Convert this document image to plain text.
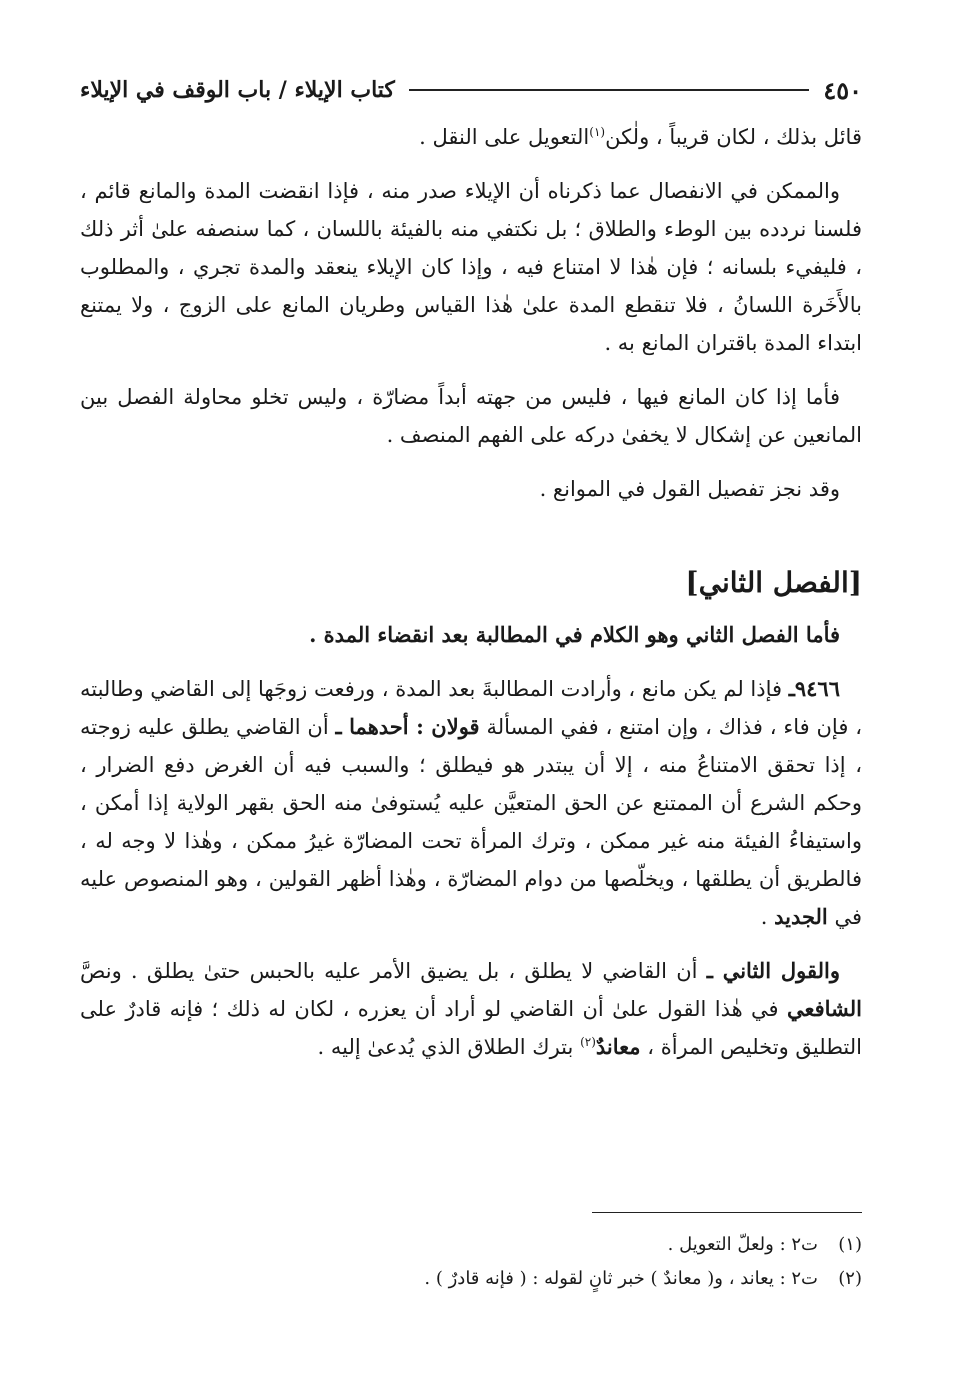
٤٥٠
كتاب الإيلاء / باب الوقف في الإيلاء

قائل بذلك ، لكان قريباً ، ولٰكن$^{(١)}$التعويل على النقل .

والممكن في الانفصال عما ذكرناه أن الإيلاء صدر منه ، فإذا انقضت المدة والمانع قائم ، فلسنا نردده بين الوطء والطلاق ؛ بل نكتفي منه بالفيئة باللسان ، كما سنصفه علىٰ أثر ذلك ، فليفيء بلسانه ؛ فإن هٰذا لا امتناع فيه ، وإذا كان الإيلاء ينعقد والمدة تجري ، والمطلوب بالأَخَرة اللسانُ ، فلا تنقطع المدة علىٰ هٰذا القياس وطريان المانع على الزوج ، ولا يمتنع ابتداء المدة باقتران المانع به .

فأما إذا كان المانع فيها ، فليس من جهته أبداً مضارّة ، وليس تخلو محاولة الفصل بين المانعين عن إشكال لا يخفىٰ دركه على الفهم المنصف .

وقد نجز تفصيل القول في الموانع .

[الفصل الثاني]

فأما الفصل الثاني وهو الكلام في المطالبة بعد انقضاء المدة .

٩٤٦٦ـ فإذا لم يكن مانع ، وأرادت المطالبةَ بعد المدة ، ورفعت زوجَها إلى القاضي وطالبته ، فإن فاء ، فذاك ، وإن امتنع ، ففي المسألة قولان : أحدهما ـ أن القاضي يطلق عليه زوجته ، إذا تحقق الامتناعُ منه ، إلا أن يبتدر هو فيطلق ؛ والسبب فيه أن الغرض دفع الضرار ، وحكم الشرع أن الممتنع عن الحق المتعيَّن عليه يُستوفىٰ منه الحق بقهر الولاية إذا أمكن ، واستيفاءُ الفيئة منه غير ممكن ، وترك المرأة تحت المضارّة غيرُ ممكن ، وهٰذا لا وجه له ، فالطريق أن يطلقها ، ويخلّصها من دوام المضارّة ، وهٰذا أظهر القولين ، وهو المنصوص عليه في الجديد .

والقول الثاني ـ أن القاضي لا يطلق ، بل يضيق الأمر عليه بالحبس حتىٰ يطلق . ونصَّ الشافعي في هٰذا القول علىٰ أن القاضي لو أراد أن يعزره ، لكان له ذلك ؛ فإنه قادرٌ على التطليق وتخليص المرأة ، معاندٌ$^{(٢)}$ بترك الطلاق الذي يُدعىٰ إليه .

(١)
ت٢ : ولعلّ التعويل .
(٢)
ت٢ : يعاند ، و( معاندٌ ) خبر ثانٍ لقوله : ( فإنه قادرٌ ) .
